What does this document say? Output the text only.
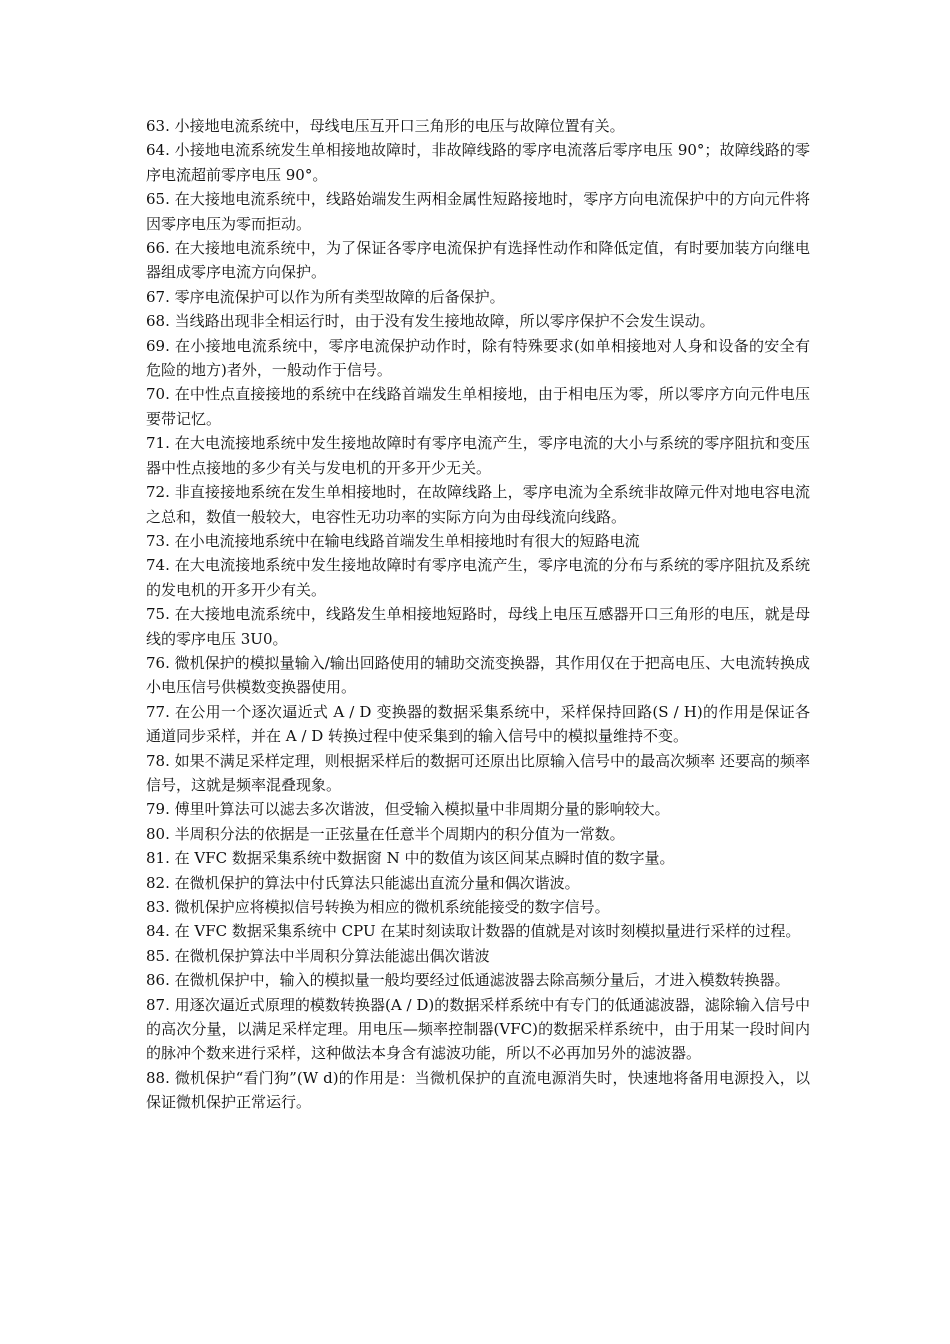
63. 小接地电流系统中，母线电压互开口三角形的电压与故障位置有关。

64. 小接地电流系统发生单相接地故障时，非故障线路的零序电流落后零序电压 90°；故障线路的零序电流超前零序电压 90°。

65. 在大接地电流系统中，线路始端发生两相金属性短路接地时，零序方向电流保护中的方向元件将因零序电压为零而拒动。

66. 在大接地电流系统中，为了保证各零序电流保护有选择性动作和降低定值，有时要加装方向继电器组成零序电流方向保护。

67. 零序电流保护可以作为所有类型故障的后备保护。

68. 当线路出现非全相运行时，由于没有发生接地故障，所以零序保护不会发生误动。

69. 在小接地电流系统中，零序电流保护动作时，除有特殊要求(如单相接地对人身和设备的安全有危险的地方)者外，一般动作于信号。

70. 在中性点直接接地的系统中在线路首端发生单相接地，由于相电压为零，所以零序方向元件电压要带记忆。

71. 在大电流接地系统中发生接地故障时有零序电流产生，零序电流的大小与系统的零序阻抗和变压器中性点接地的多少有关与发电机的开多开少无关。

72. 非直接接地系统在发生单相接地时，在故障线路上，零序电流为全系统非故障元件对地电容电流之总和，数值一般较大，电容性无功功率的实际方向为由母线流向线路。

73. 在小电流接地系统中在输电线路首端发生单相接地时有很大的短路电流

74. 在大电流接地系统中发生接地故障时有零序电流产生，零序电流的分布与系统的零序阻抗及系统的发电机的开多开少有关。

75. 在大接地电流系统中，线路发生单相接地短路时，母线上电压互感器开口三角形的电压，就是母线的零序电压 3U0。

76. 微机保护的模拟量输入/输出回路使用的辅助交流变换器，其作用仅在于把高电压、大电流转换成小电压信号供模数变换器使用。

77. 在公用一个逐次逼近式 A / D 变换器的数据采集系统中，采样保持回路(S / H)的作用是保证各通道同步采样，并在 A / D 转换过程中使采集到的输入信号中的模拟量维持不变。

78. 如果不满足采样定理，则根据采样后的数据可还原出比原输入信号中的最高次频率 还要高的频率信号，这就是频率混叠现象。

79. 傅里叶算法可以滤去多次谐波，但受输入模拟量中非周期分量的影响较大。

80. 半周积分法的依据是一正弦量在任意半个周期内的积分值为一常数。

81. 在 VFC 数据采集系统中数据窗 N 中的数值为该区间某点瞬时值的数字量。

82. 在微机保护的算法中付氏算法只能滤出直流分量和偶次谐波。

83. 微机保护应将模拟信号转换为相应的微机系统能接受的数字信号。

84. 在 VFC 数据采集系统中 CPU 在某时刻读取计数器的值就是对该时刻模拟量进行采样的过程。

85. 在微机保护算法中半周积分算法能滤出偶次谐波

86. 在微机保护中，输入的模拟量一般均要经过低通滤波器去除高频分量后，才进入模数转换器。

87. 用逐次逼近式原理的模数转换器(A / D)的数据采样系统中有专门的低通滤波器，滤除输入信号中的高次分量，以满足采样定理。用电压—频率控制器(VFC)的数据采样系统中，由于用某一段时间内的脉冲个数来进行采样，这种做法本身含有滤波功能，所以不必再加另外的滤波器。

88. 微机保护“看门狗”(W d)的作用是：当微机保护的直流电源消失时，快速地将备用电源投入，以保证微机保护正常运行。
